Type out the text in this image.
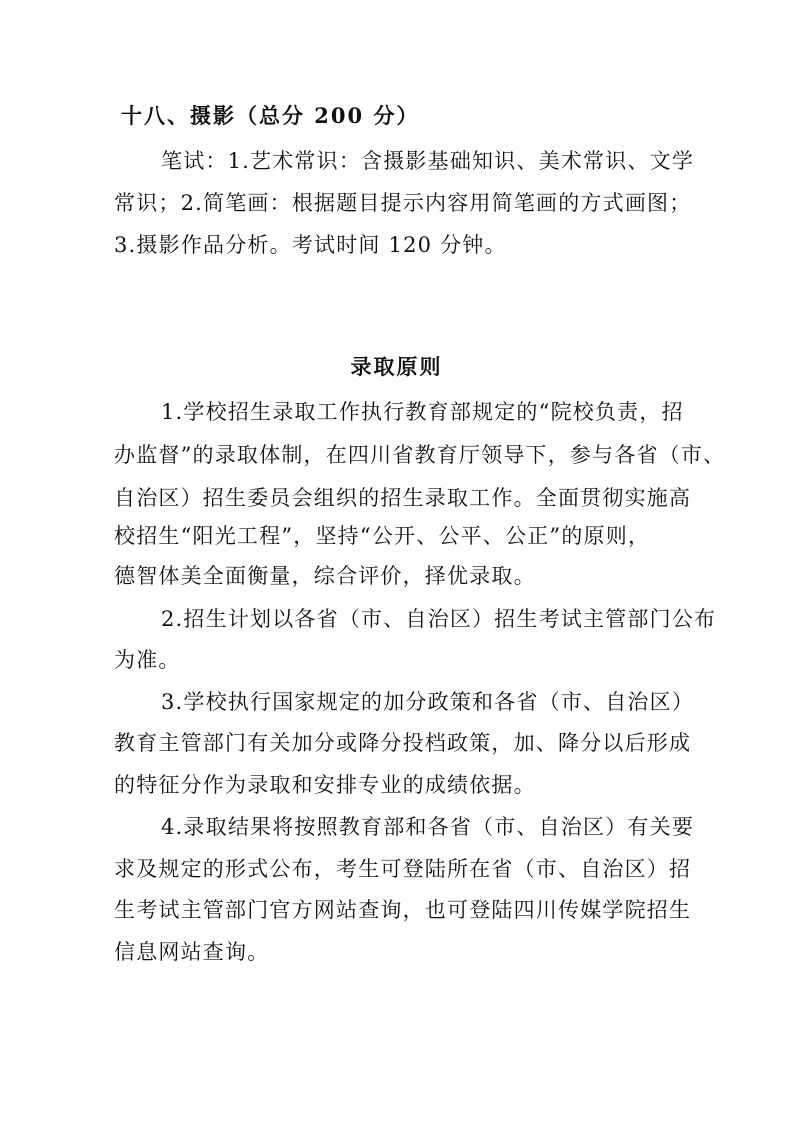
十八、摄影（总分 200 分）
笔试：1.艺术常识：含摄影基础知识、美术常识、文学
常识；2.简笔画：根据题目提示内容用简笔画的方式画图；
3.摄影作品分析。考试时间 120 分钟。
录取原则
1.学校招生录取工作执行教育部规定的“院校负责，招
办监督”的录取体制，在四川省教育厅领导下，参与各省（市、
自治区）招生委员会组织的招生录取工作。全面贯彻实施高
校招生“阳光工程”，坚持“公开、公平、公正”的原则，
德智体美全面衡量，综合评价，择优录取。
2.招生计划以各省（市、自治区）招生考试主管部门公布
为准。
3.学校执行国家规定的加分政策和各省（市、自治区）
教育主管部门有关加分或降分投档政策，加、降分以后形成
的特征分作为录取和安排专业的成绩依据。
4.录取结果将按照教育部和各省（市、自治区）有关要
求及规定的形式公布，考生可登陆所在省（市、自治区）招
生考试主管部门官方网站查询，也可登陆四川传媒学院招生
信息网站查询。
